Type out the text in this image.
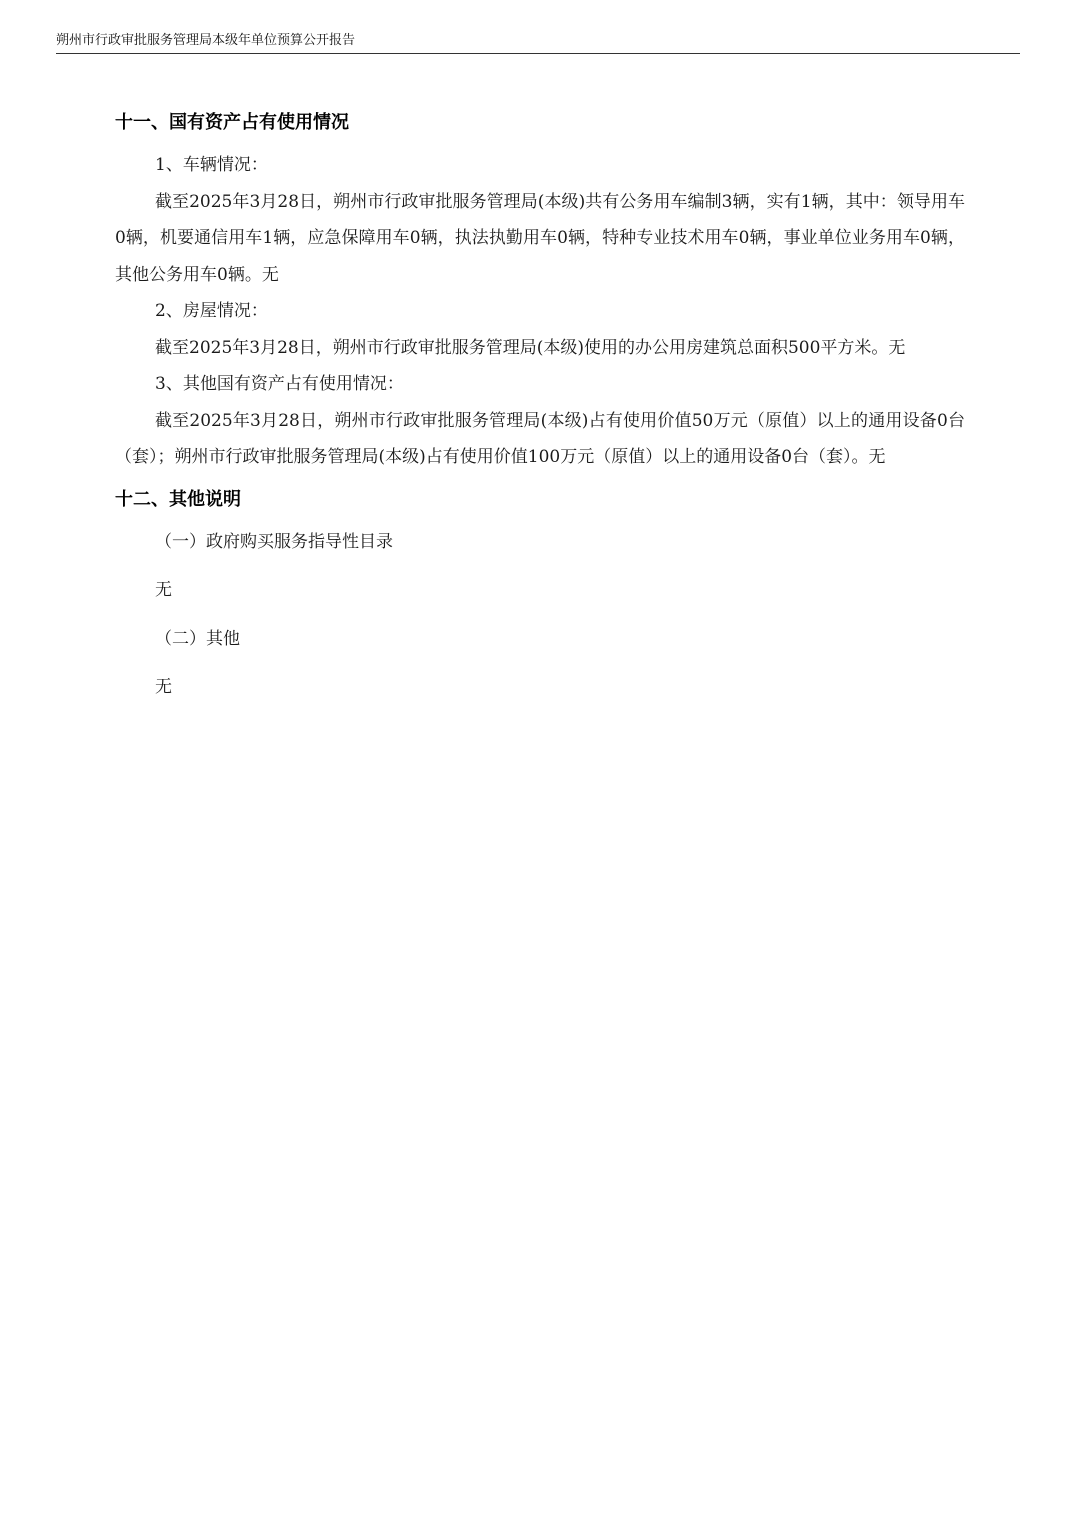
朔州市行政审批服务管理局本级年单位预算公开报告
十一、国有资产占有使用情况

1、车辆情况：

截至2025年3月28日，朔州市行政审批服务管理局(本级)共有公务用车编制3辆，实有1辆，其中：领导用车0辆，机要通信用车1辆，应急保障用车0辆，执法执勤用车0辆，特种专业技术用车0辆，事业单位业务用车0辆，其他公务用车0辆。无

2、房屋情况：

截至2025年3月28日，朔州市行政审批服务管理局(本级)使用的办公用房建筑总面积500平方米。无

3、其他国有资产占有使用情况：

截至2025年3月28日，朔州市行政审批服务管理局(本级)占有使用价值50万元（原值）以上的通用设备0台（套）；朔州市行政审批服务管理局(本级)占有使用价值100万元（原值）以上的通用设备0台（套）。无

十二、其他说明

（一）政府购买服务指导性目录

无

（二）其他

无
